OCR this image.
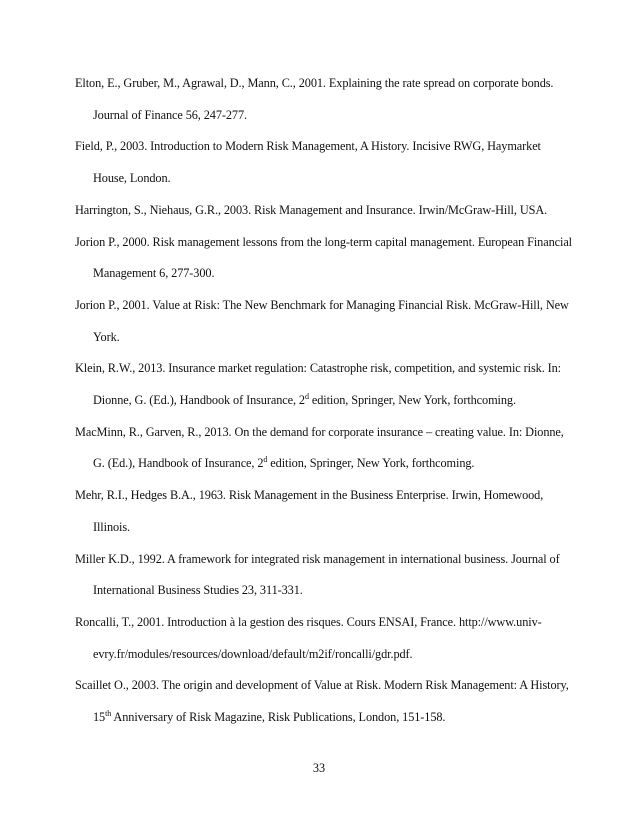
Elton, E., Gruber, M., Agrawal, D., Mann, C., 2001. Explaining the rate spread on corporate bonds. Journal of Finance 56, 247-277.
Field, P., 2003. Introduction to Modern Risk Management, A History. Incisive RWG, Haymarket House, London.
Harrington, S., Niehaus, G.R., 2003. Risk Management and Insurance. Irwin/McGraw-Hill, USA.
Jorion P., 2000. Risk management lessons from the long-term capital management. European Financial Management 6, 277-300.
Jorion P., 2001. Value at Risk: The New Benchmark for Managing Financial Risk. McGraw-Hill, New York.
Klein, R.W., 2013. Insurance market regulation: Catastrophe risk, competition, and systemic risk. In: Dionne, G. (Ed.), Handbook of Insurance, 2$^d$ edition, Springer, New York, forthcoming.
MacMinn, R., Garven, R., 2013. On the demand for corporate insurance – creating value. In: Dionne, G. (Ed.), Handbook of Insurance, 2$^d$ edition, Springer, New York, forthcoming.
Mehr, R.I., Hedges B.A., 1963. Risk Management in the Business Enterprise. Irwin, Homewood, Illinois.
Miller K.D., 1992. A framework for integrated risk management in international business. Journal of International Business Studies 23, 311-331.
Roncalli, T., 2001. Introduction à la gestion des risques. Cours ENSAI, France. http://www.univ-evry.fr/modules/resources/download/default/m2if/roncalli/gdr.pdf.
Scaillet O., 2003. The origin and development of Value at Risk. Modern Risk Management: A History, 15th Anniversary of Risk Magazine, Risk Publications, London, 151-158.
33
